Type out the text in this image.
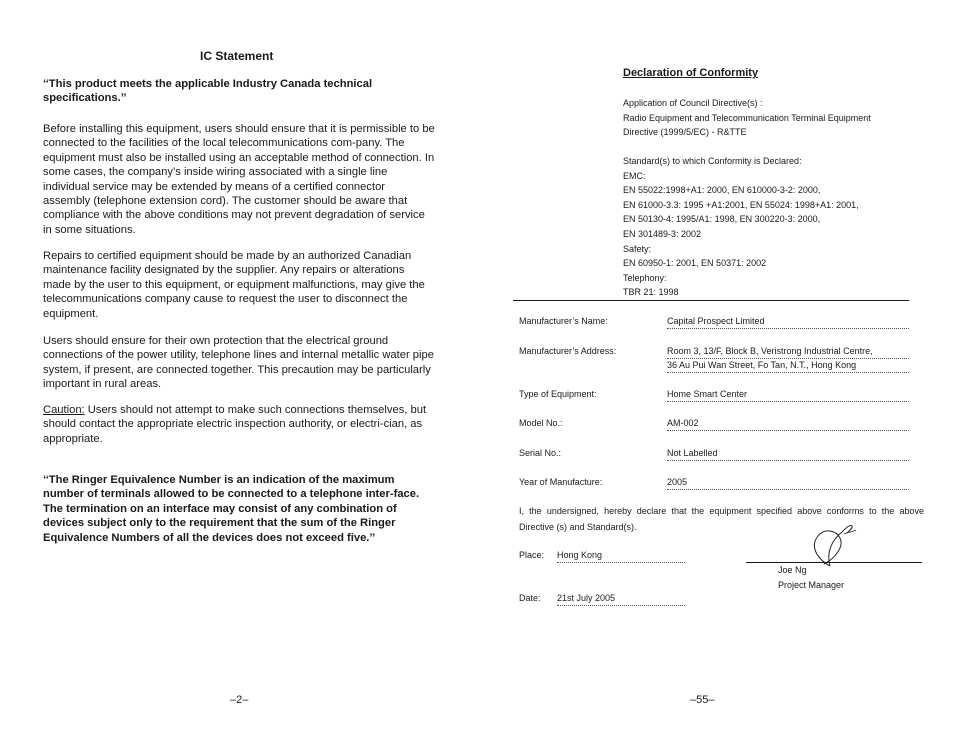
IC Statement
‘‘This product meets the applicable Industry Canada technical specifications.’’
Before installing this equipment, users should ensure that it is permissible to be connected to the facilities of the local telecommunications com-pany. The equipment must also be installed using an acceptable method of connection. In some cases, the company’s inside wiring associated with a single line individual service may be extended by means of a certified connector assembly (telephone extension cord). The customer should be aware that compliance with the above conditions may not prevent degradation of service in some situations.
Repairs to certified equipment should be made by an authorized Canadian maintenance facility designated by the supplier. Any repairs or alterations made by the user to this equipment, or equipment malfunctions, may give the telecommunications company cause to request the user to disconnect the equipment.
Users should ensure for their own protection that the electrical ground connections of the power utility, telephone lines and internal metallic water pipe system, if present, are connected together. This precaution may be particularly important in rural areas.
Caution: Users should not attempt to make such connections themselves, but should contact the appropriate electric inspection authority, or electri-cian, as appropriate.
‘‘The Ringer Equivalence Number is an indication of the maximum number of terminals allowed to be connected to a telephone inter-face. The termination on an interface may consist of any combination of devices subject only to the requirement that the sum of the Ringer Equivalence Numbers of all the devices does not exceed five.’’
–2–
Declaration of Conformity
Application of Council Directive(s) :
Radio Equipment and Telecommunication Terminal Equipment
Directive (1999/5/EC) - R&TTE
Standard(s) to which Conformity is Declared:
EMC:
EN 55022:1998+A1: 2000, EN 610000-3-2: 2000,
EN 61000-3.3: 1995 +A1:2001, EN 55024: 1998+A1: 2001,
EN 50130-4: 1995/A1: 1998, EN 300220-3: 2000,
EN 301489-3: 2002
Safety:
EN 60950-1: 2001, EN 50371: 2002
Telephony:
TBR 21: 1998
Manufacturer’s Name:	Capital Prospect Limited
Manufacturer’s Address:	Room 3, 13/F, Block B, Veristrong Industrial Centre,
36 Au Pui Wan Street, Fo Tan, N.T., Hong Kong
Type of Equipment:	Home Smart Center
Model No.:	AM-002
Serial No.:	Not Labelled
Year of Manufacture:	2005
I, the undersigned, hereby declare that the equipment specified above conforms to the above Directive (s) and Standard(s).
Place: Hong Kong
Date: 21st July 2005
Joe Ng
Project Manager
–55–
